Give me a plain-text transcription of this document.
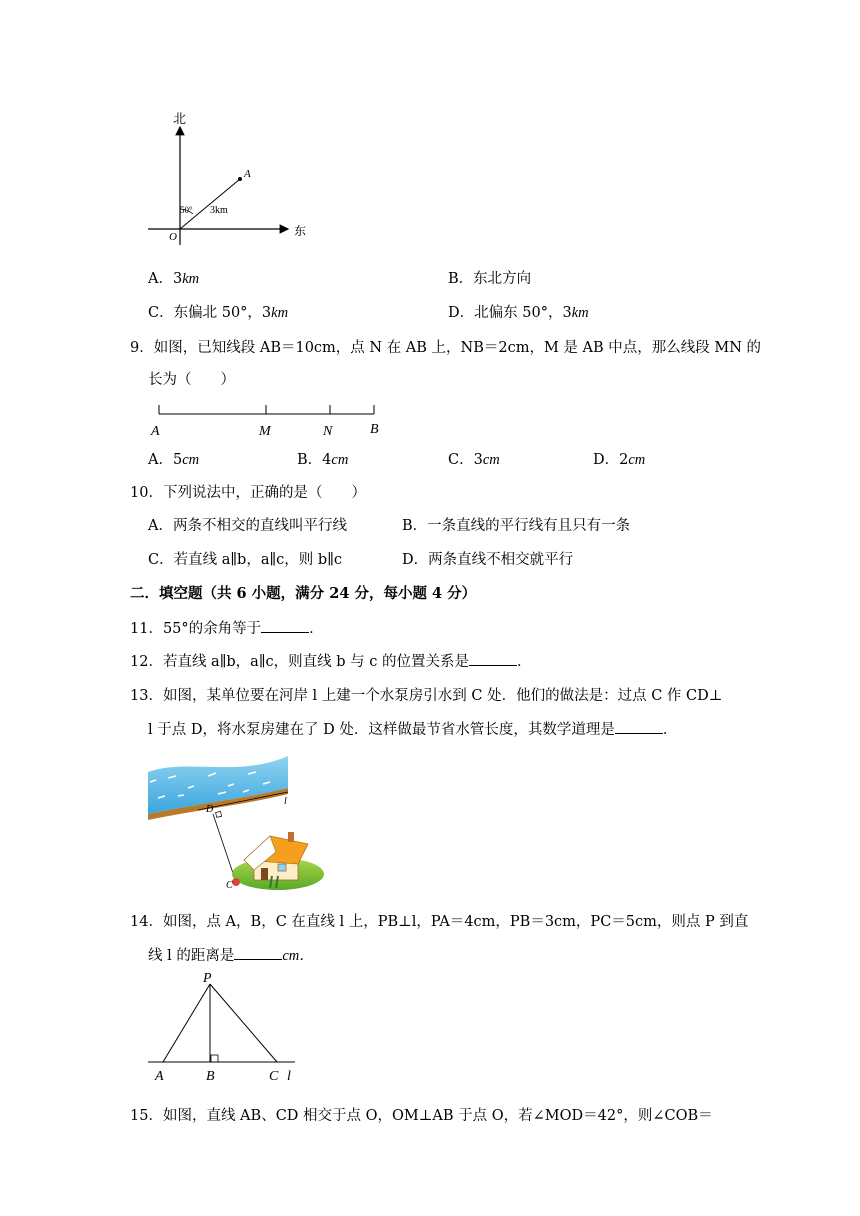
北
东
O
A
50° 3km
A．3km	B．东北方向
C．东偏北 50°，3km	D．北偏东 50°，3km
9．如图，已知线段 AB＝10cm，点 N 在 AB 上，NB＝2cm，M 是 AB 中点，那么线段 MN 的
长为（　　）
A	M	N	B
A．5cm	B．4cm	C．3cm	D．2cm
10．下列说法中，正确的是（　　）
A．两条不相交的直线叫平行线	B．一条直线的平行线有且只有一条
C．若直线 a∥b，a∥c，则 b∥c	D．两条直线不相交就平行
二．填空题（共 6 小题，满分 24 分，每小题 4 分）
11．55°的余角等于	．
12．若直线 a∥b，a∥c，则直线 b 与 c 的位置关系是	．
13．如图，某单位要在河岸 l 上建一个水泵房引水到 C 处．他们的做法是：过点 C 作 CD⊥
l 于点 D，将水泵房建在了 D 处．这样做最节省水管长度，其数学道理是	．
D
C
l
14．如图，点 A，B，C 在直线 l 上，PB⊥l，PA＝4cm，PB＝3cm，PC＝5cm，则点 P 到直
线 l 的距离是	cm．
P
A	B	C l
15．如图，直线 AB、CD 相交于点 O，OM⊥AB 于点 O，若∠MOD＝42°，则∠COB＝
